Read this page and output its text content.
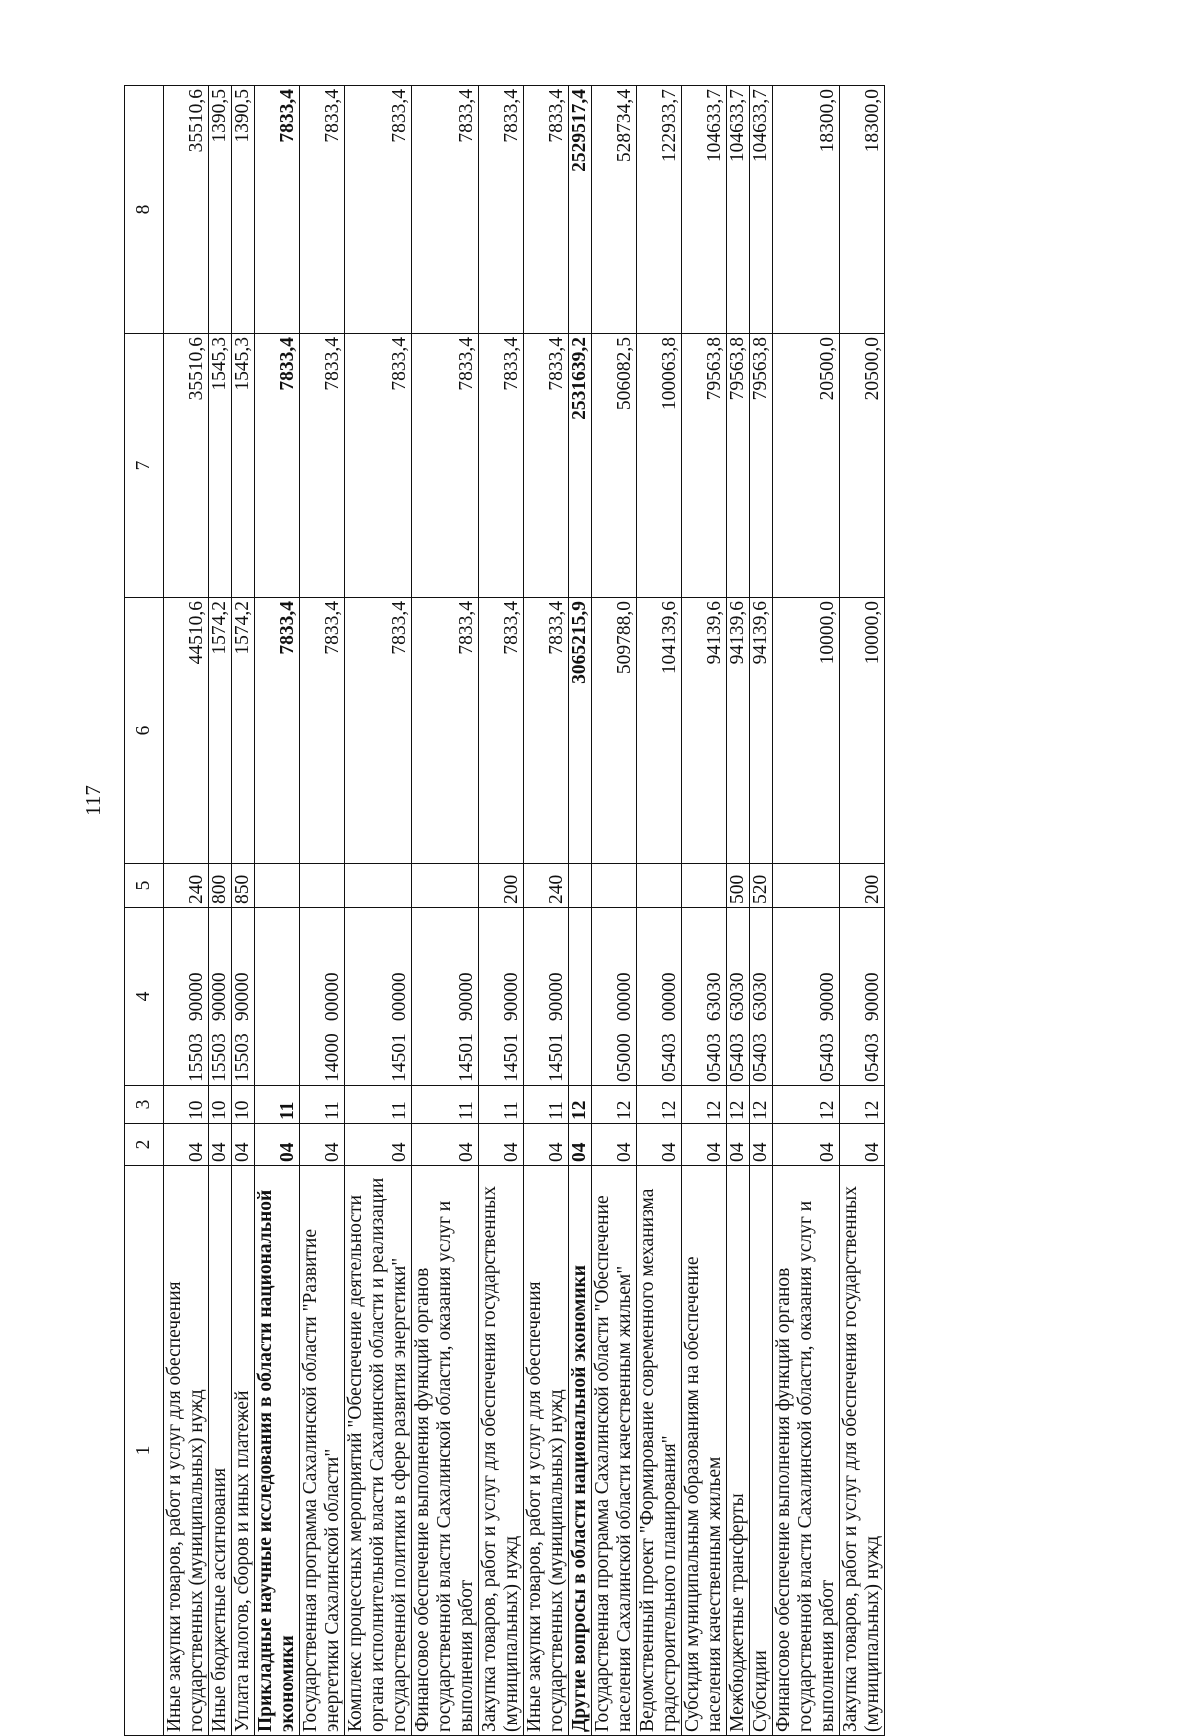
117
1	2	3	4	5	6	7	8
Иные закупки товаров, работ и услуг для обеспечения государственных (муниципальных) нужд	04	10	15503 90000	240	44510,6	35510,6	35510,6
Иные бюджетные ассигнования	04	10	15503 90000	800	1574,2	1545,3	1390,5
Уплата налогов, сборов и иных платежей	04	10	15503 90000	850	1574,2	1545,3	1390,5
Прикладные научные исследования в области национальной экономики	04	11			7833,4	7833,4	7833,4
Государственная программа Сахалинской области "Развитие энергетики Сахалинской области"	04	11	14000 00000		7833,4	7833,4	7833,4
Комплекс процессных мероприятий "Обеспечение деятельности органа исполнительной власти Сахалинской области и реализации государственной политики в сфере развития энергетики"	04	11	14501 00000		7833,4	7833,4	7833,4
Финансовое обеспечение выполнения функций органов государственной власти Сахалинской области, оказания услуг и выполнения работ	04	11	14501 90000		7833,4	7833,4	7833,4
Закупка товаров, работ и услуг для обеспечения государственных (муниципальных) нужд	04	11	14501 90000	200	7833,4	7833,4	7833,4
Иные закупки товаров, работ и услуг для обеспечения государственных (муниципальных) нужд	04	11	14501 90000	240	7833,4	7833,4	7833,4
Другие вопросы в области национальной экономики	04	12			3065215,9	2531639,2	2529517,4
Государственная программа Сахалинской области "Обеспечение населения Сахалинской области качественным жильем"	04	12	05000 00000		509788,0	506082,5	528734,4
Ведомственный проект "Формирование современного механизма градостроительного планирования"	04	12	05403 00000		104139,6	100063,8	122933,7
Субсидия муниципальным образованиям на обеспечение населения качественным жильем	04	12	05403 63030		94139,6	79563,8	104633,7
Межбюджетные трансферты	04	12	05403 63030	500	94139,6	79563,8	104633,7
Субсидии	04	12	05403 63030	520	94139,6	79563,8	104633,7
Финансовое обеспечение выполнения функций органов государственной власти Сахалинской области, оказания услуг и выполнения работ	04	12	05403 90000		10000,0	20500,0	18300,0
Закупка товаров, работ и услуг для обеспечения государственных (муниципальных) нужд	04	12	05403 90000	200	10000,0	20500,0	18300,0
